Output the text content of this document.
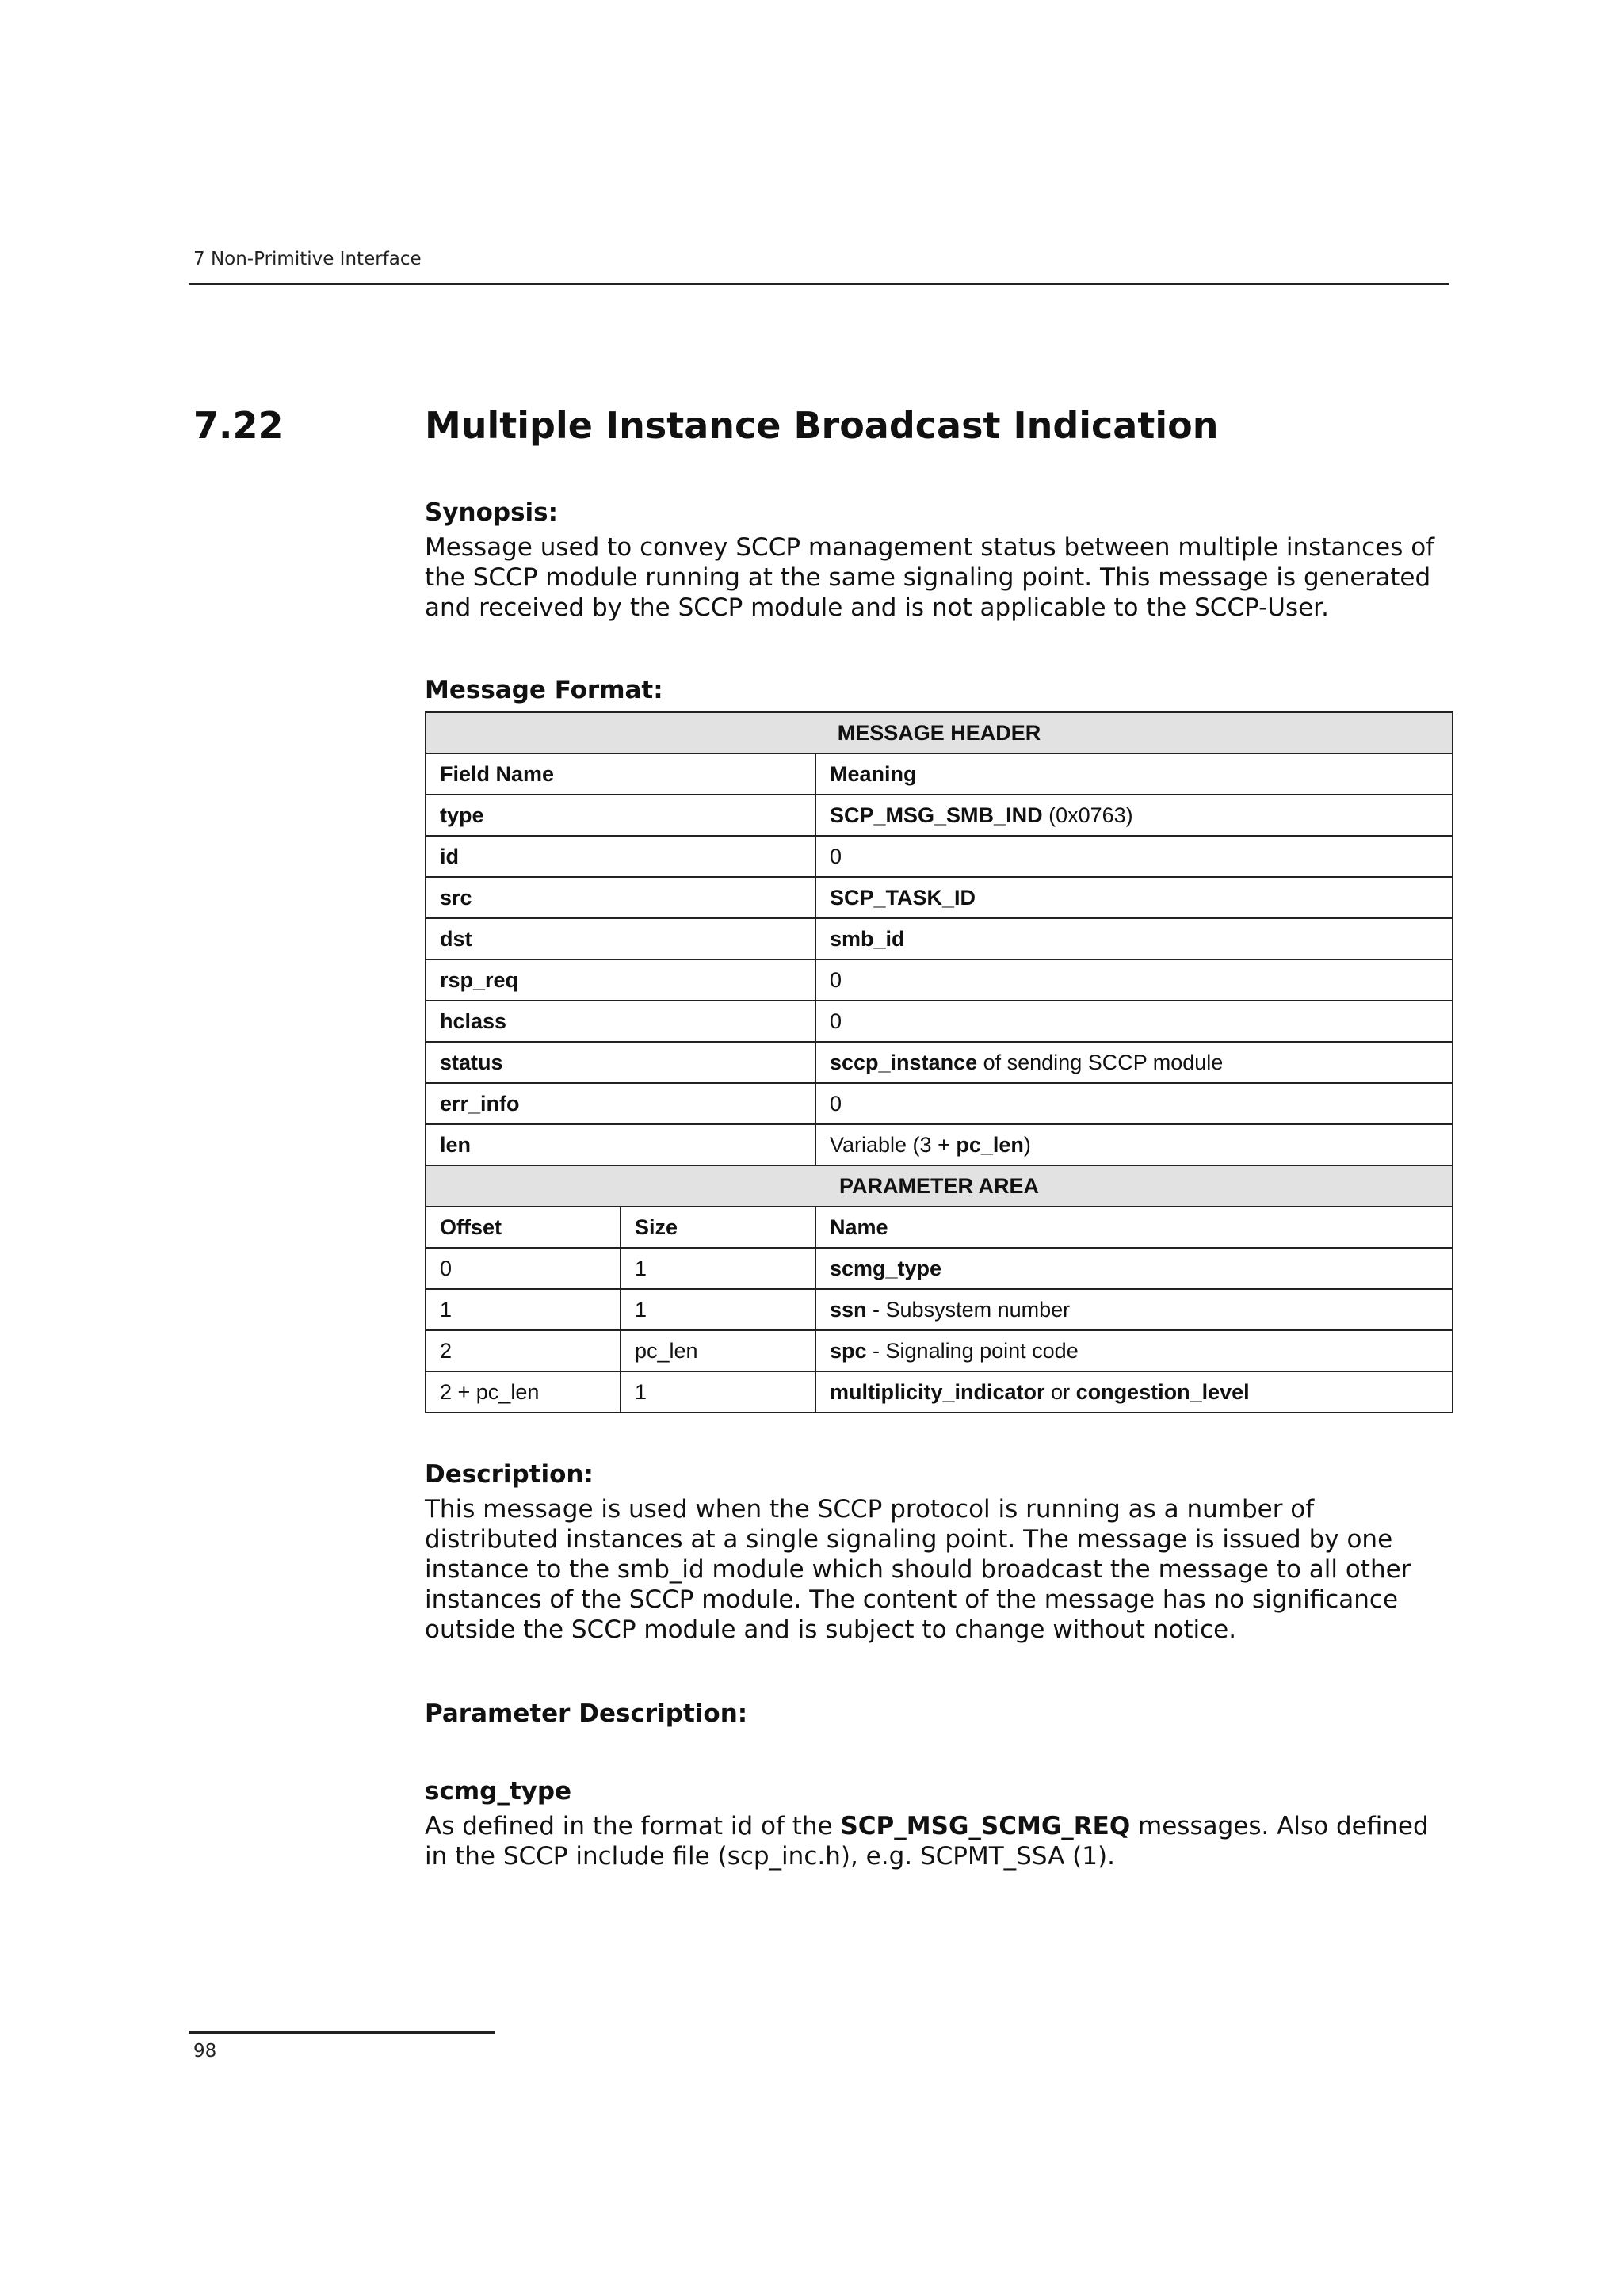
7 Non-Primitive Interface
7.22	Multiple Instance Broadcast Indication

Synopsis:

Message used to convey SCCP management status between multiple instances of the SCCP module running at the same signaling point. This message is generated and received by the SCCP module and is not applicable to the SCCP-User.

Message Format:

MESSAGE HEADER		
Field Name		Meaning
type		SCP_MSG_SMB_IND (0x0763)
id		0
src		SCP_TASK_ID
dst		smb_id
rsp_req		0
hclass		0
status		sccp_instance of sending SCCP module
err_info		0
len		Variable (3 + pc_len)
PARAMETER AREA		
Offset	Size	Name
0	1	scmg_type
1	1	ssn - Subsystem number
2	pc_len	spc - Signaling point code
2 + pc_len	1	multiplicity_indicator or congestion_level

Description:

This message is used when the SCCP protocol is running as a number of distributed instances at a single signaling point. The message is issued by one instance to the smb_id module which should broadcast the message to all other instances of the SCCP module. The content of the message has no significance outside the SCCP module and is subject to change without notice.

Parameter Description:

scmg_type

As defined in the format id of the SCP_MSG_SCMG_REQ messages. Also defined in the SCCP include file (scp_inc.h), e.g. SCPMT_SSA (1).

98
